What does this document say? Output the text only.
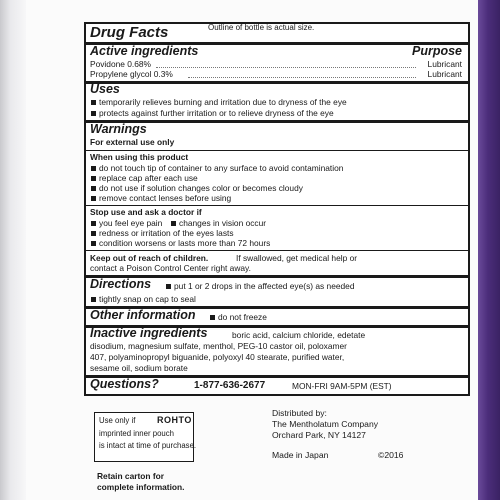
Drug Facts	Outline of bottle is actual size.
Active ingredients	Purpose
Povidone 0.68%	Lubricant
Propylene glycol 0.3%	Lubricant
Uses
temporarily relieves burning and irritation due to dryness of the eye
protects against further irritation or to relieve dryness of the eye
Warnings
For external use only
When using this product
do not touch tip of container to any surface to avoid contamination
replace cap after each use
do not use if solution changes color or becomes cloudy
remove contact lenses before using
Stop use and ask a doctor if
you feel eye pain changes in vision occur
redness or irritation of the eyes lasts
condition worsens or lasts more than 72 hours
Keep out of reach of children.	If swallowed, get medical help or
contact a Poison Control Center right away.
Directions	put 1 or 2 drops in the affected eye(s) as needed
tightly snap on cap to seal
Other information	do not freeze
Inactive ingredients	boric acid, calcium chloride, edetate
disodium, magnesium sulfate, menthol, PEG-10 castor oil, poloxamer
407, polyaminopropyl biguanide, polyoxyl 40 stearate, purified water,
sesame oil, sodium borate
Questions?	1-877-636-2677	MON-FRI 9AM-5PM (EST)
Use only if ROHTO
imprinted inner pouch
is intact at time of purchase.
Retain carton for
complete information.
Distributed by:
The Mentholatum Company
Orchard Park, NY 14127
Made in Japan	©2016
